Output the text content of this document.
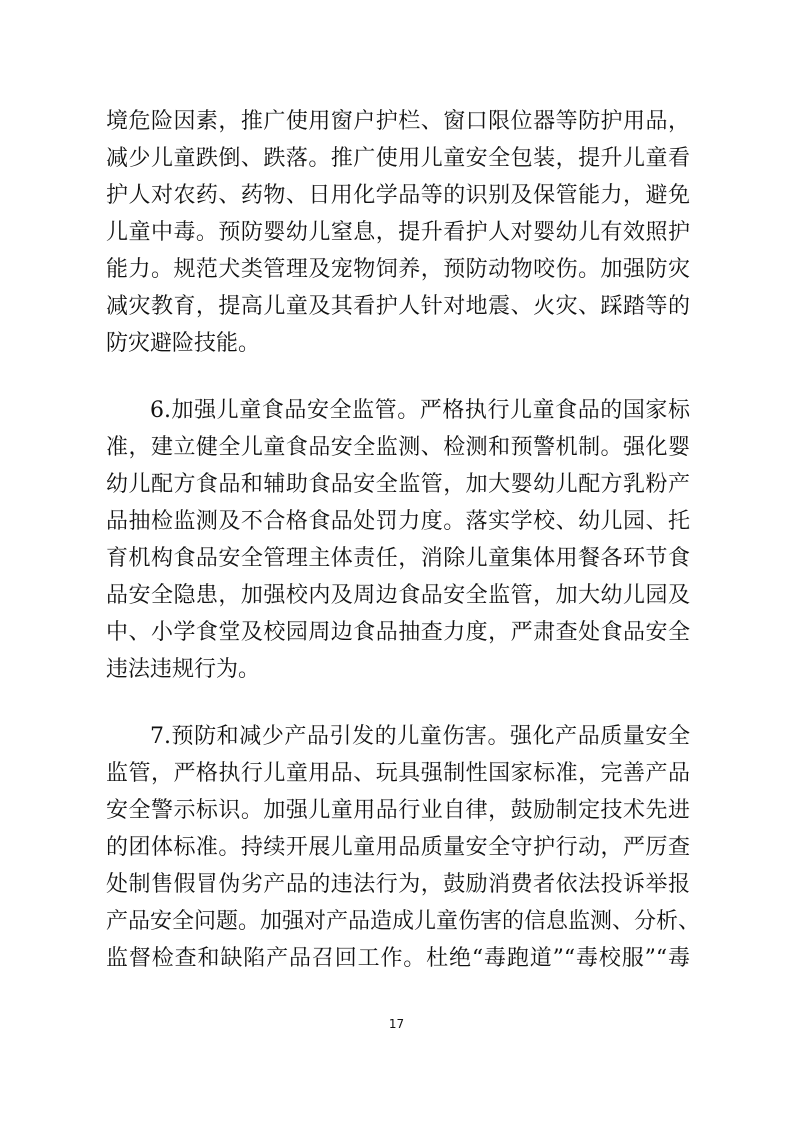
境危险因素，推广使用窗户护栏、窗口限位器等防护用品，
减少儿童跌倒、跌落。推广使用儿童安全包装，提升儿童看
护人对农药、药物、日用化学品等的识别及保管能力，避免
儿童中毒。预防婴幼儿窒息，提升看护人对婴幼儿有效照护
能力。规范犬类管理及宠物饲养，预防动物咬伤。加强防灾
减灾教育，提高儿童及其看护人针对地震、火灾、踩踏等的
防灾避险技能。
6.加强儿童食品安全监管。严格执行儿童食品的国家标
准，建立健全儿童食品安全监测、检测和预警机制。强化婴
幼儿配方食品和辅助食品安全监管，加大婴幼儿配方乳粉产
品抽检监测及不合格食品处罚力度。落实学校、幼儿园、托
育机构食品安全管理主体责任，消除儿童集体用餐各环节食
品安全隐患，加强校内及周边食品安全监管，加大幼儿园及
中、小学食堂及校园周边食品抽查力度，严肃查处食品安全
违法违规行为。
7.预防和减少产品引发的儿童伤害。强化产品质量安全
监管，严格执行儿童用品、玩具强制性国家标准，完善产品
安全警示标识。加强儿童用品行业自律，鼓励制定技术先进
的团体标准。持续开展儿童用品质量安全守护行动，严厉查
处制售假冒伪劣产品的违法行为，鼓励消费者依法投诉举报
产品安全问题。加强对产品造成儿童伤害的信息监测、分析、
监督检查和缺陷产品召回工作。杜绝“毒跑道”“毒校服”“毒
17
